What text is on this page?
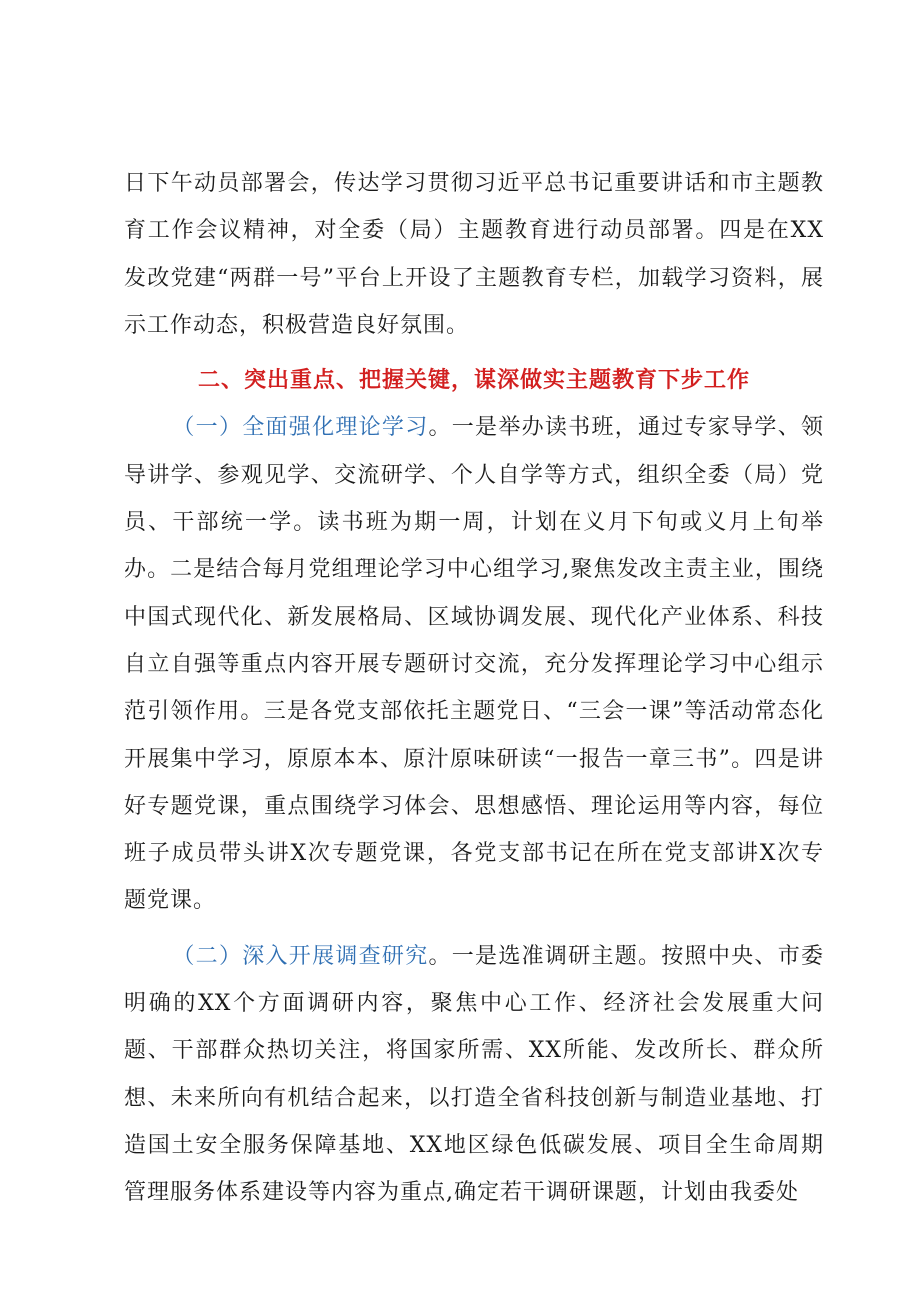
日下午动员部署会，传达学习贯彻习近平总书记重要讲话和市主题教育工作会议精神，对全委（局）主题教育进行动员部署。四是在XX发改党建“两群一号”平台上开设了主题教育专栏，加载学习资料，展示工作动态，积极营造良好氛围。

二、突出重点、把握关键，谋深做实主题教育下步工作

（一）全面强化理论学习。一是举办读书班，通过专家导学、领导讲学、参观见学、交流研学、个人自学等方式，组织全委（局）党员、干部统一学。读书班为期一周，计划在义月下旬或义月上旬举办。二是结合每月党组理论学习中心组学习,聚焦发改主责主业，围绕中国式现代化、新发展格局、区域协调发展、现代化产业体系、科技自立自强等重点内容开展专题研讨交流，充分发挥理论学习中心组示范引领作用。三是各党支部依托主题党日、“三会一课”等活动常态化开展集中学习，原原本本、原汁原味研读“一报告一章三书”。四是讲好专题党课，重点围绕学习体会、思想感悟、理论运用等内容，每位班子成员带头讲X次专题党课，各党支部书记在所在党支部讲X次专题党课。

（二）深入开展调查研究。一是选准调研主题。按照中央、市委明确的XX个方面调研内容，聚焦中心工作、经济社会发展重大问题、干部群众热切关注，将国家所需、XX所能、发改所长、群众所想、未来所向有机结合起来，以打造全省科技创新与制造业基地、打造国土安全服务保障基地、XX地区绿色低碳发展、项目全生命周期管理服务体系建设等内容为重点,确定若干调研课题，计划由我委处
